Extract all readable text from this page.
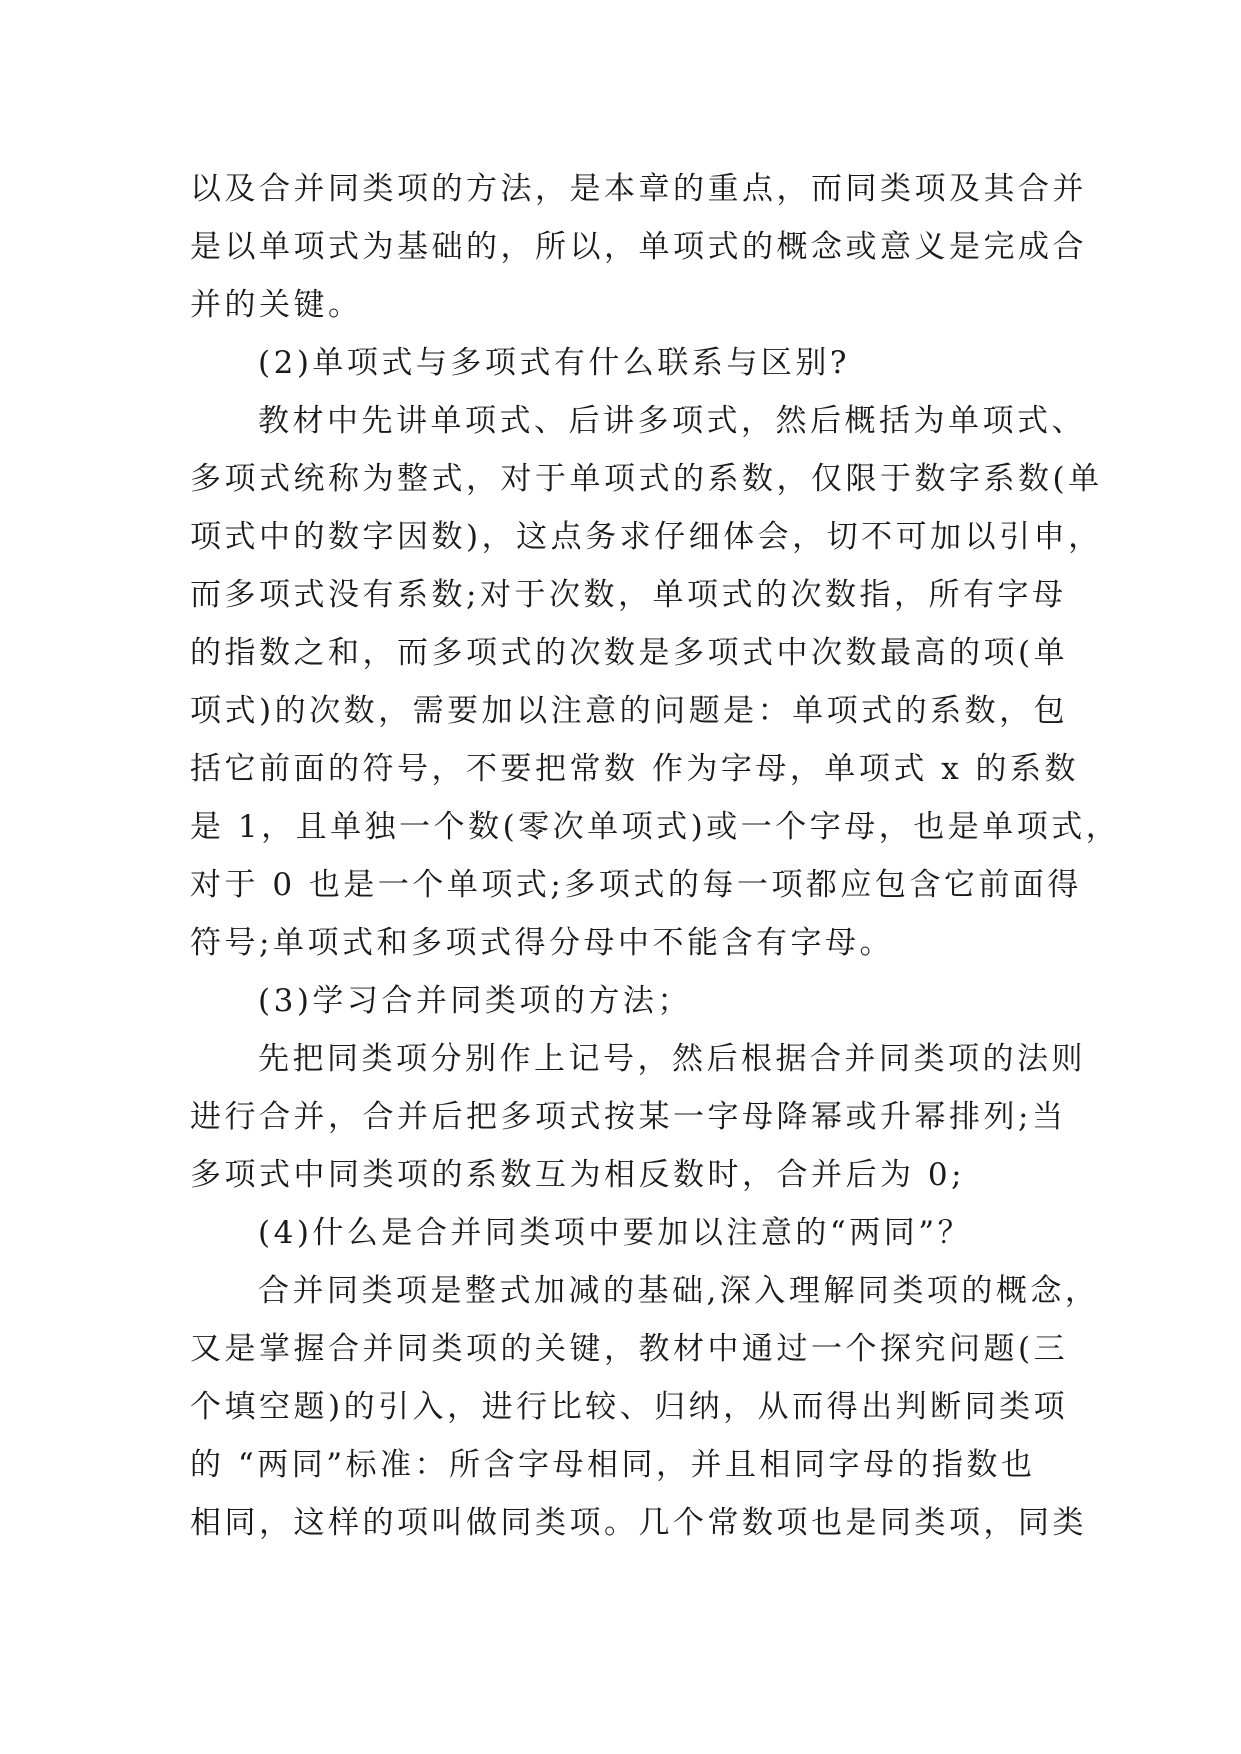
以及合并同类项的方法，是本章的重点，而同类项及其合并
是以单项式为基础的，所以，单项式的概念或意义是完成合
并的关键。
(2)单项式与多项式有什么联系与区别?
教材中先讲单项式、后讲多项式，然后概括为单项式、
多项式统称为整式，对于单项式的系数，仅限于数字系数(单
项式中的数字因数)，这点务求仔细体会，切不可加以引申，
而多项式没有系数;对于次数，单项式的次数指，所有字母
的指数之和，而多项式的次数是多项式中次数最高的项(单
项式)的次数，需要加以注意的问题是：单项式的系数，包
括它前面的符号，不要把常数 作为字母，单项式 x 的系数
是 1，且单独一个数(零次单项式)或一个字母，也是单项式，
对于 0 也是一个单项式;多项式的每一项都应包含它前面得
符号;单项式和多项式得分母中不能含有字母。
(3)学习合并同类项的方法；
先把同类项分别作上记号，然后根据合并同类项的法则
进行合并，合并后把多项式按某一字母降幂或升幂排列;当
多项式中同类项的系数互为相反数时，合并后为 0;
(4)什么是合并同类项中要加以注意的“两同”？
合并同类项是整式加减的基础,深入理解同类项的概念，
又是掌握合并同类项的关键，教材中通过一个探究问题(三
个填空题)的引入，进行比较、归纳，从而得出判断同类项
的 “两同”标准：所含字母相同，并且相同字母的指数也
相同，这样的项叫做同类项。几个常数项也是同类项，同类
